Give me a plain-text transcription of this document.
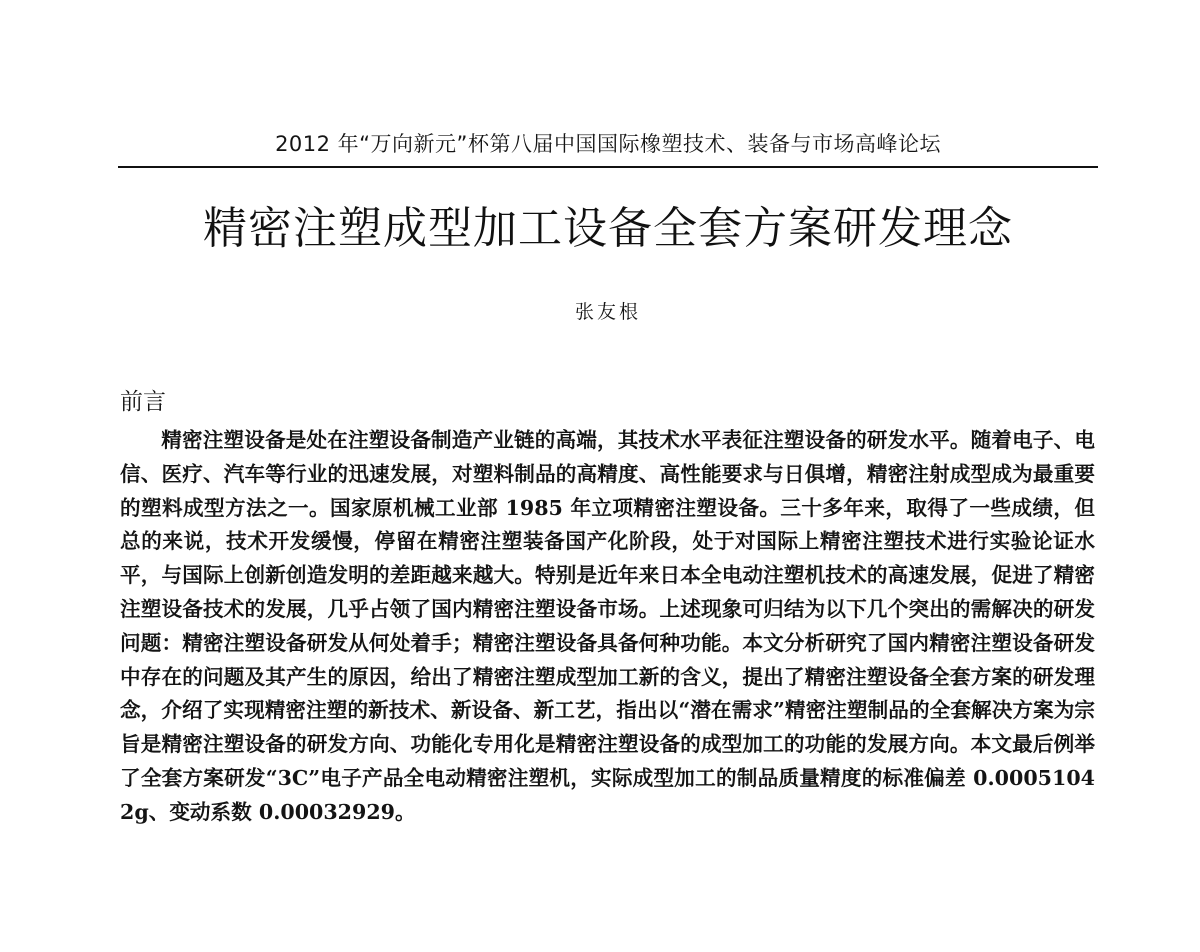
2012 年“万向新元”杯第八届中国国际橡塑技术、装备与市场高峰论坛
精密注塑成型加工设备全套方案研发理念
张友根
前言

精密注塑设备是处在注塑设备制造产业链的高端，其技术水平表征注塑设备的研发水平。随着电子、电信、医疗、汽车等行业的迅速发展，对塑料制品的高精度、高性能要求与日俱增，精密注射成型成为最重要的塑料成型方法之一。国家原机械工业部 1985 年立项精密注塑设备。三十多年来，取得了一些成绩，但总的来说，技术开发缓慢，停留在精密注塑装备国产化阶段，处于对国际上精密注塑技术进行实验论证水平，与国际上创新创造发明的差距越来越大。特别是近年来日本全电动注塑机技术的高速发展，促进了精密注塑设备技术的发展，几乎占领了国内精密注塑设备市场。上述现象可归结为以下几个突出的需解决的研发问题：精密注塑设备研发从何处着手；精密注塑设备具备何种功能。本文分析研究了国内精密注塑设备研发中存在的问题及其产生的原因，给出了精密注塑成型加工新的含义，提出了精密注塑设备全套方案的研发理念，介绍了实现精密注塑的新技术、新设备、新工艺，指出以“潜在需求”精密注塑制品的全套解决方案为宗旨是精密注塑设备的研发方向、功能化专用化是精密注塑设备的成型加工的功能的发展方向。本文最后例举了全套方案研发“3C”电子产品全电动精密注塑机，实际成型加工的制品质量精度的标准偏差 0.00051042g、变动系数 0.00032929。
